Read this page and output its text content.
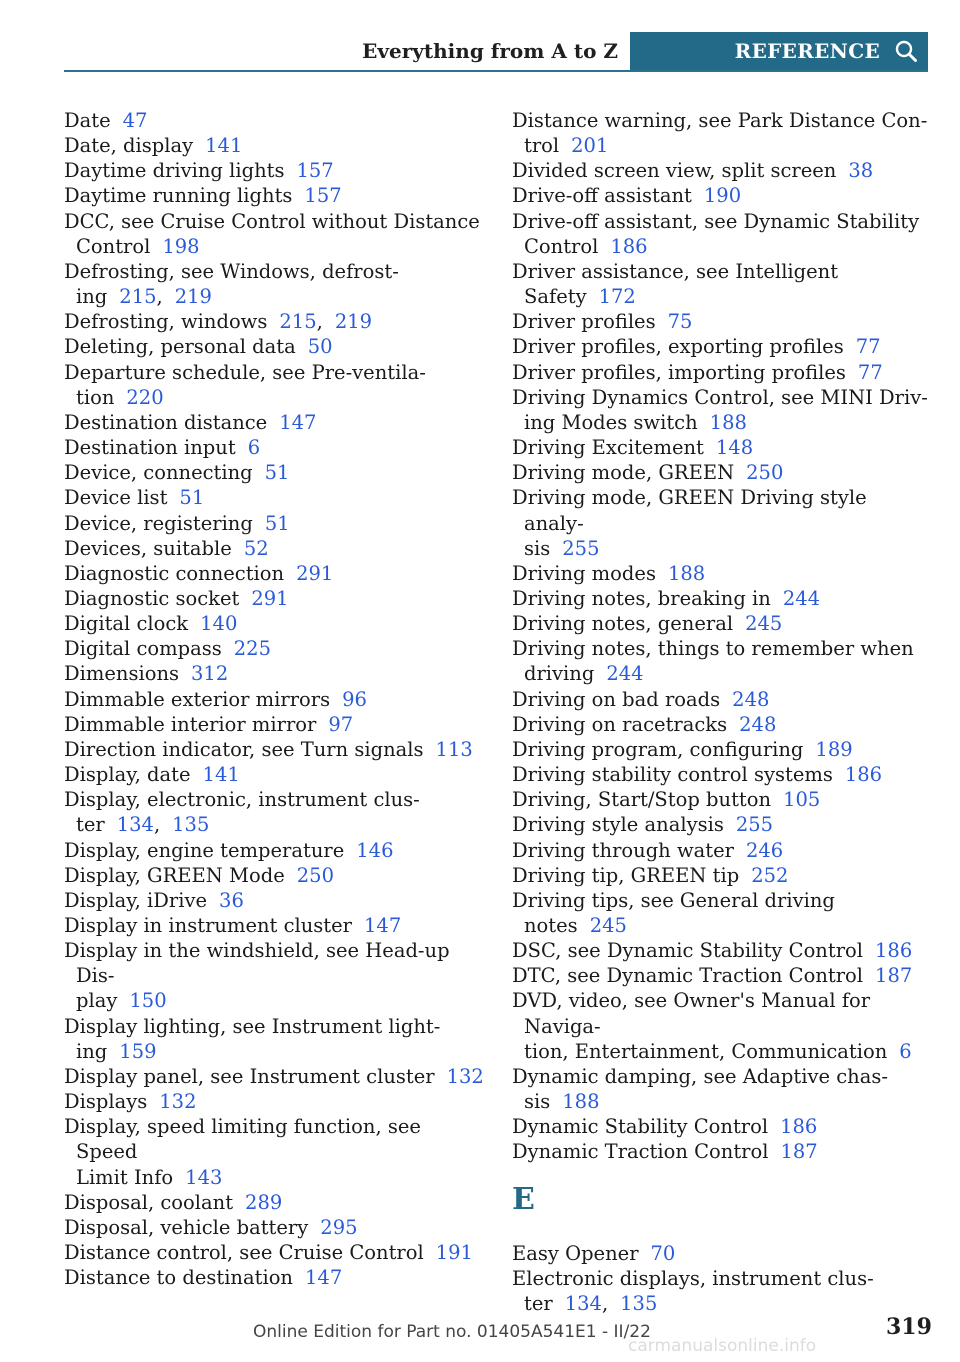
Everything from A to Z	REFERENCE
Date 47
Date, display 141
Daytime driving lights 157
Daytime running lights 157
DCC, see Cruise Control without Distance
Control 198
Defrosting, see Windows, defrost-
ing 215, 219
Defrosting, windows 215, 219
Deleting, personal data 50
Departure schedule, see Pre-ventila-
tion 220
Destination distance 147
Destination input 6
Device, connecting 51
Device list 51
Device, registering 51
Devices, suitable 52
Diagnostic connection 291
Diagnostic socket 291
Digital clock 140
Digital compass 225
Dimensions 312
Dimmable exterior mirrors 96
Dimmable interior mirror 97
Direction indicator, see Turn signals 113
Display, date 141
Display, electronic, instrument clus-
ter 134, 135
Display, engine temperature 146
Display, GREEN Mode 250
Display, iDrive 36
Display in instrument cluster 147
Display in the windshield, see Head-up Dis-
play 150
Display lighting, see Instrument light-
ing 159
Display panel, see Instrument cluster 132
Displays 132
Display, speed limiting function, see Speed
Limit Info 143
Disposal, coolant 289
Disposal, vehicle battery 295
Distance control, see Cruise Control 191
Distance to destination 147
Distance warning, see Park Distance Con-
trol 201
Divided screen view, split screen 38
Drive-off assistant 190
Drive-off assistant, see Dynamic Stability
Control 186
Driver assistance, see Intelligent
Safety 172
Driver profiles 75
Driver profiles, exporting profiles 77
Driver profiles, importing profiles 77
Driving Dynamics Control, see MINI Driv-
ing Modes switch 188
Driving Excitement 148
Driving mode, GREEN 250
Driving mode, GREEN Driving style analy-
sis 255
Driving modes 188
Driving notes, breaking in 244
Driving notes, general 245
Driving notes, things to remember when
driving 244
Driving on bad roads 248
Driving on racetracks 248
Driving program, configuring 189
Driving stability control systems 186
Driving, Start/Stop button 105
Driving style analysis 255
Driving through water 246
Driving tip, GREEN tip 252
Driving tips, see General driving
notes 245
DSC, see Dynamic Stability Control 186
DTC, see Dynamic Traction Control 187
DVD, video, see Owner's Manual for Naviga-
tion, Entertainment, Communication 6
Dynamic damping, see Adaptive chas-
sis 188
Dynamic Stability Control 186
Dynamic Traction Control 187
E
Easy Opener 70
Electronic displays, instrument clus-
ter 134, 135
Online Edition for Part no. 01405A541E1 - II/22	319
carmanualsonline.info
